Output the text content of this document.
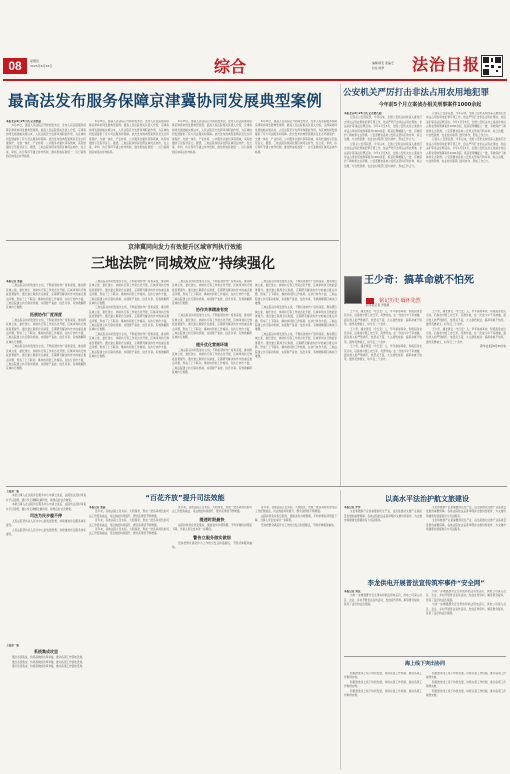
08	星期四
2025年6月26日	综合	编辑/顾宏 美编/王
校对/刘梦	法治日报
最高法发布服务保障京津冀协同发展典型案例

本报北京6月25日讯 记者张晨

6月25日，最高人民法院召开新闻发布会，发布人民法院服务保障京津冀协同发展典型案例。最高人民法院相关负责人介绍，京津冀协同发展战略实施以来，人民法院充分发挥审判职能作用，为区域协同发展提供了有力司法服务和保障。此次发布的典型案例涉及生态环境保护、交通一体化、产业协同、公共服务共建共享等领域，具有较强的示范指导意义。据悉，三地法院持续深化跨区域司法协作，在立案、审判、执行等环节建立协作机制，推动形成标准统一、运行高效的区域司法协作格局。

6月25日，最高人民法院召开新闻发布会，发布人民法院服务保障京津冀协同发展典型案例。最高人民法院相关负责人介绍，京津冀协同发展战略实施以来，人民法院充分发挥审判职能作用，为区域协同发展提供了有力司法服务和保障。此次发布的典型案例涉及生态环境保护、交通一体化、产业协同、公共服务共建共享等领域，具有较强的示范指导意义。据悉，三地法院持续深化跨区域司法协作，在立案、审判、执行等环节建立协作机制，推动形成标准统一、运行高效的区域司法协作格局。

6月25日，最高人民法院召开新闻发布会，发布人民法院服务保障京津冀协同发展典型案例。最高人民法院相关负责人介绍，京津冀协同发展战略实施以来，人民法院充分发挥审判职能作用，为区域协同发展提供了有力司法服务和保障。此次发布的典型案例涉及生态环境保护、交通一体化、产业协同、公共服务共建共享等领域，具有较强的示范指导意义。据悉，三地法院持续深化跨区域司法协作，在立案、审判、执行等环节建立协作机制，推动形成标准统一、运行高效的区域司法协作格局。

6月25日，最高人民法院召开新闻发布会，发布人民法院服务保障京津冀协同发展典型案例。最高人民法院相关负责人介绍，京津冀协同发展战略实施以来，人民法院充分发挥审判职能作用，为区域协同发展提供了有力司法服务和保障。此次发布的典型案例涉及生态环境保护、交通一体化、产业协同、公共服务共建共享等领域，具有较强的示范指导意义。据悉，三地法院持续深化跨区域司法协作，在立案、审判、执行等环节建立协作机制，推动形成标准统一、运行高效的区域司法协作格局。

京津冀同向发力有效提升区域审判执行效能
三地法院“同城效应”持续强化

本报记者 张晨

三地法院以协同发展为主线，不断拓展协作广度和深度，推动跨区域立案、委托送达、协助执行等工作常态化开展，区域审判执行效能显著提升。通过建立联席会议制度，定期研究解决协作中的重点难点问题，形成了上下联动、横向协同的工作格局。在执行协作方面，三地法院建立执行联动机制，实现财产查控、信息共享，有效破解跨区域执行难题。

拓展协作广度深度

三地法院以协同发展为主线，不断拓展协作广度和深度，推动跨区域立案、委托送达、协助执行等工作常态化开展，区域审判执行效能显著提升。通过建立联席会议制度，定期研究解决协作中的重点难点问题，形成了上下联动、横向协同的工作格局。在执行协作方面，三地法院建立执行联动机制，实现财产查控、信息共享，有效破解跨区域执行难题。

三地法院以协同发展为主线，不断拓展协作广度和深度，推动跨区域立案、委托送达、协助执行等工作常态化开展，区域审判执行效能显著提升。通过建立联席会议制度，定期研究解决协作中的重点难点问题，形成了上下联动、横向协同的工作格局。在执行协作方面，三地法院建立执行联动机制，实现财产查控、信息共享，有效破解跨区域执行难题。

三地法院以协同发展为主线，不断拓展协作广度和深度，推动跨区域立案、委托送达、协助执行等工作常态化开展，区域审判执行效能显著提升。通过建立联席会议制度，定期研究解决协作中的重点难点问题，形成了上下联动、横向协同的工作格局。在执行协作方面，三地法院建立执行联动机制，实现财产查控、信息共享，有效破解跨区域执行难题。

三地法院以协同发展为主线，不断拓展协作广度和深度，推动跨区域立案、委托送达、协助执行等工作常态化开展，区域审判执行效能显著提升。通过建立联席会议制度，定期研究解决协作中的重点难点问题，形成了上下联动、横向协同的工作格局。在执行协作方面，三地法院建立执行联动机制，实现财产查控、信息共享，有效破解跨区域执行难题。

三地法院以协同发展为主线，不断拓展协作广度和深度，推动跨区域立案、委托送达、协助执行等工作常态化开展，区域审判执行效能显著提升。通过建立联席会议制度，定期研究解决协作中的重点难点问题，形成了上下联动、横向协同的工作格局。在执行协作方面，三地法院建立执行联动机制，实现财产查控、信息共享，有效破解跨区域执行难题。

三地法院以协同发展为主线，不断拓展协作广度和深度，推动跨区域立案、委托送达、协助执行等工作常态化开展，区域审判执行效能显著提升。通过建立联席会议制度，定期研究解决协作中的重点难点问题，形成了上下联动、横向协同的工作格局。在执行协作方面，三地法院建立执行联动机制，实现财产查控、信息共享，有效破解跨区域执行难题。

协作共享精准有效

三地法院以协同发展为主线，不断拓展协作广度和深度，推动跨区域立案、委托送达、协助执行等工作常态化开展，区域审判执行效能显著提升。通过建立联席会议制度，定期研究解决协作中的重点难点问题，形成了上下联动、横向协同的工作格局。在执行协作方面，三地法院建立执行联动机制，实现财产查控、信息共享，有效破解跨区域执行难题。

提升优化营商环境

三地法院以协同发展为主线，不断拓展协作广度和深度，推动跨区域立案、委托送达、协助执行等工作常态化开展，区域审判执行效能显著提升。通过建立联席会议制度，定期研究解决协作中的重点难点问题，形成了上下联动、横向协同的工作格局。在执行协作方面，三地法院建立执行联动机制，实现财产查控、信息共享，有效破解跨区域执行难题。

三地法院以协同发展为主线，不断拓展协作广度和深度，推动跨区域立案、委托送达、协助执行等工作常态化开展，区域审判执行效能显著提升。通过建立联席会议制度，定期研究解决协作中的重点难点问题，形成了上下联动、横向协同的工作格局。在执行协作方面，三地法院建立执行联动机制，实现财产查控、信息共享，有效破解跨区域执行难题。

三地法院以协同发展为主线，不断拓展协作广度和深度，推动跨区域立案、委托送达、协助执行等工作常态化开展，区域审判执行效能显著提升。通过建立联席会议制度，定期研究解决协作中的重点难点问题，形成了上下联动、横向协同的工作格局。在执行协作方面，三地法院建立执行联动机制，实现财产查控、信息共享，有效破解跨区域执行难题。

三地法院以协同发展为主线，不断拓展协作广度和深度，推动跨区域立案、委托送达、协助执行等工作常态化开展，区域审判执行效能显著提升。通过建立联席会议制度，定期研究解决协作中的重点难点问题，形成了上下联动、横向协同的工作格局。在执行协作方面，三地法院建立执行联动机制，实现财产查控、信息共享，有效破解跨区域执行难题。

公安机关严厉打击非法占用农用地犯罪
今年前5个月立案侦办相关刑事案件1000余起

本报北京6月25日讯 记者董凡超

记者从公安部获悉，今年以来，全国公安机关持续深入推进打击非法占用农用地犯罪专项工作，依法严厉打击非法占用农用地、非法采矿等违法犯罪活动。今年1月至5月，全国公安机关共立案侦办非法占用农用地刑事案件1000余起，抓获犯罪嫌疑人一批，有效保护了耕地和生态资源。公安部要求各地公安机关坚持打防并举、综合治理，与自然资源、农业农村等部门密切协作，形成工作合力。

记者从公安部获悉，今年以来，全国公安机关持续深入推进打击非法占用农用地犯罪专项工作，依法严厉打击非法占用农用地、非法采矿等违法犯罪活动。今年1月至5月，全国公安机关共立案侦办非法占用农用地刑事案件1000余起，抓获犯罪嫌疑人一批，有效保护了耕地和生态资源。公安部要求各地公安机关坚持打防并举、综合治理，与自然资源、农业农村等部门密切协作，形成工作合力。

记者从公安部获悉，今年以来，全国公安机关持续深入推进打击非法占用农用地犯罪专项工作，依法严厉打击非法占用农用地、非法采矿等违法犯罪活动。今年1月至5月，全国公安机关共立案侦办非法占用农用地刑事案件1000余起，抓获犯罪嫌疑人一批，有效保护了耕地和生态资源。公安部要求各地公安机关坚持打防并举、综合治理，与自然资源、农业农村等部门密切协作，形成工作合力。

记者从公安部获悉，今年以来，全国公安机关持续深入推进打击非法占用农用地犯罪专项工作，依法严厉打击非法占用农用地、非法采矿等违法犯罪活动。今年1月至5月，全国公安机关共立案侦办非法占用农用地刑事案件1000余起，抓获犯罪嫌疑人一批，有效保护了耕地和生态资源。公安部要求各地公安机关坚持打防并举、综合治理，与自然资源、农业农村等部门密切协作，形成工作合力。

王少奇：搞革命就不怕死
铭记历史 缅怀先烈
新华社记者 尹思源

王少奇，湖北黄安（今红安）人，早年参加革命，积极投身农民运动，后参加中国工农红军，英勇作战。在一次战斗中不幸被捕，面对敌人的严刑拷打，他坚贞不屈，大义凛然地说：搞革命就不怕死。最终英勇就义，时年仅二十余岁。

王少奇，湖北黄安（今红安）人，早年参加革命，积极投身农民运动，后参加中国工农红军，英勇作战。在一次战斗中不幸被捕，面对敌人的严刑拷打，他坚贞不屈，大义凛然地说：搞革命就不怕死。最终英勇就义，时年仅二十余岁。

王少奇，湖北黄安（今红安）人，早年参加革命，积极投身农民运动，后参加中国工农红军，英勇作战。在一次战斗中不幸被捕，面对敌人的严刑拷打，他坚贞不屈，大义凛然地说：搞革命就不怕死。最终英勇就义，时年仅二十余岁。

王少奇，湖北黄安（今红安）人，早年参加革命，积极投身农民运动，后参加中国工农红军，英勇作战。在一次战斗中不幸被捕，面对敌人的严刑拷打，他坚贞不屈，大义凛然地说：搞革命就不怕死。最终英勇就义，时年仅二十余岁。

王少奇，湖北黄安（今红安）人，早年参加革命，积极投身农民运动，后参加中国工农红军，英勇作战。在一次战斗中不幸被捕，面对敌人的严刑拷打，他坚贞不屈，大义凛然地说：搞革命就不怕死。最终英勇就义，时年仅二十余岁。

新华社北京6月25日电

上接第一版

本案当事人在法院诉讼服务中心申请立案后，法院依法及时审查并予以受理，通过多元调解化解纠纷，取得良好社会效果。

本案当事人在法院诉讼服务中心申请立案后，法院依法及时审查并予以受理，通过多元调解化解纠纷，取得良好社会效果。

司法为民步履不停

人民法院坚持以人民为中心的发展思想，持续推进诉讼服务体系建设。

人民法院坚持以人民为中心的发展思想，持续推进诉讼服务体系建设。

上接第一版

系统集成攻坚

通过系统集成、协同高效的改革举措，推动各项工作落地见效。

通过系统集成、协同高效的改革举措，推动各项工作落地见效。

通过系统集成、协同高效的改革举措，推动各项工作落地见效。

“百花齐放”提升司法效能

本报记者 张晨

近年来，各地法院立足实际、大胆探索，形成一批各具特色的司法工作经验做法，司法效能持续提升，群众获得感不断增强。

近年来，各地法院立足实际、大胆探索，形成一批各具特色的司法工作经验做法，司法效能持续提升，群众获得感不断增强。

近年来，各地法院立足实际、大胆探索，形成一批各具特色的司法工作经验做法，司法效能持续提升，群众获得感不断增强。

近年来，各地法院立足实际、大胆探索，形成一批各具特色的司法工作经验做法，司法效能持续提升，群众获得感不断增强。

提速时限最快

法院持续优化诉讼服务，缩短案件办理周期，平均审理时间明显下降，当事人诉讼成本进一步降低。

警告立服务做实做细

坚持把群众满意作为工作的出发点和落脚点，不断延伸服务触角。

近年来，各地法院立足实际、大胆探索，形成一批各具特色的司法工作经验做法，司法效能持续提升，群众获得感不断增强。

法院持续优化诉讼服务，缩短案件办理周期，平均审理时间明显下降，当事人诉讼成本进一步降低。

坚持把群众满意作为工作的出发点和落脚点，不断延伸服务触角。

以高水平法治护航文旅建设

本报记者 罗沙

文化和旅游产业是重要的民生产业，法治是推动文旅产业高质量发展的重要保障。各地法院依法妥善审理涉文旅纠纷案件，为文旅市场健康发展提供有力司法服务。

文化和旅游产业是重要的民生产业，法治是推动文旅产业高质量发展的重要保障。各地法院依法妥善审理涉文旅纠纷案件，为文旅市场健康发展提供有力司法服务。

文化和旅游产业是重要的民生产业，法治是推动文旅产业高质量发展的重要保障。各地法院依法妥善审理涉文旅纠纷案件，为文旅市场健康发展提供有力司法服务。

李龙供电开展普法宣传筑牢事件“安全网”

本报记者 刘沅

为进一步增强群众安全用电和依法用电意识，供电公司深入社区、企业、乡村开展普法宣传活动，发放宣传资料，解答群众疑问，营造了良好的法治氛围。

为进一步增强群众安全用电和依法用电意识，供电公司深入社区、企业、乡村开展普法宣传活动，发放宣传资料，解答群众疑问，营造了良好的法治氛围。

为进一步增强群众安全用电和依法用电意识，供电公司深入社区、企业、乡村开展普法宣传活动，发放宣传资料，解答群众疑问，营造了良好的法治氛围。

海上线下突出协同

积极推进线上线下协同发展，持续完善工作机制，推动各项工作取得实效。

积极推进线上线下协同发展，持续完善工作机制，推动各项工作取得实效。

积极推进线上线下协同发展，持续完善工作机制，推动各项工作取得实效。

积极推进线上线下协同发展，持续完善工作机制，推动各项工作取得实效。

积极推进线上线下协同发展，持续完善工作机制，推动各项工作取得实效。

积极推进线上线下协同发展，持续完善工作机制，推动各项工作取得实效。
